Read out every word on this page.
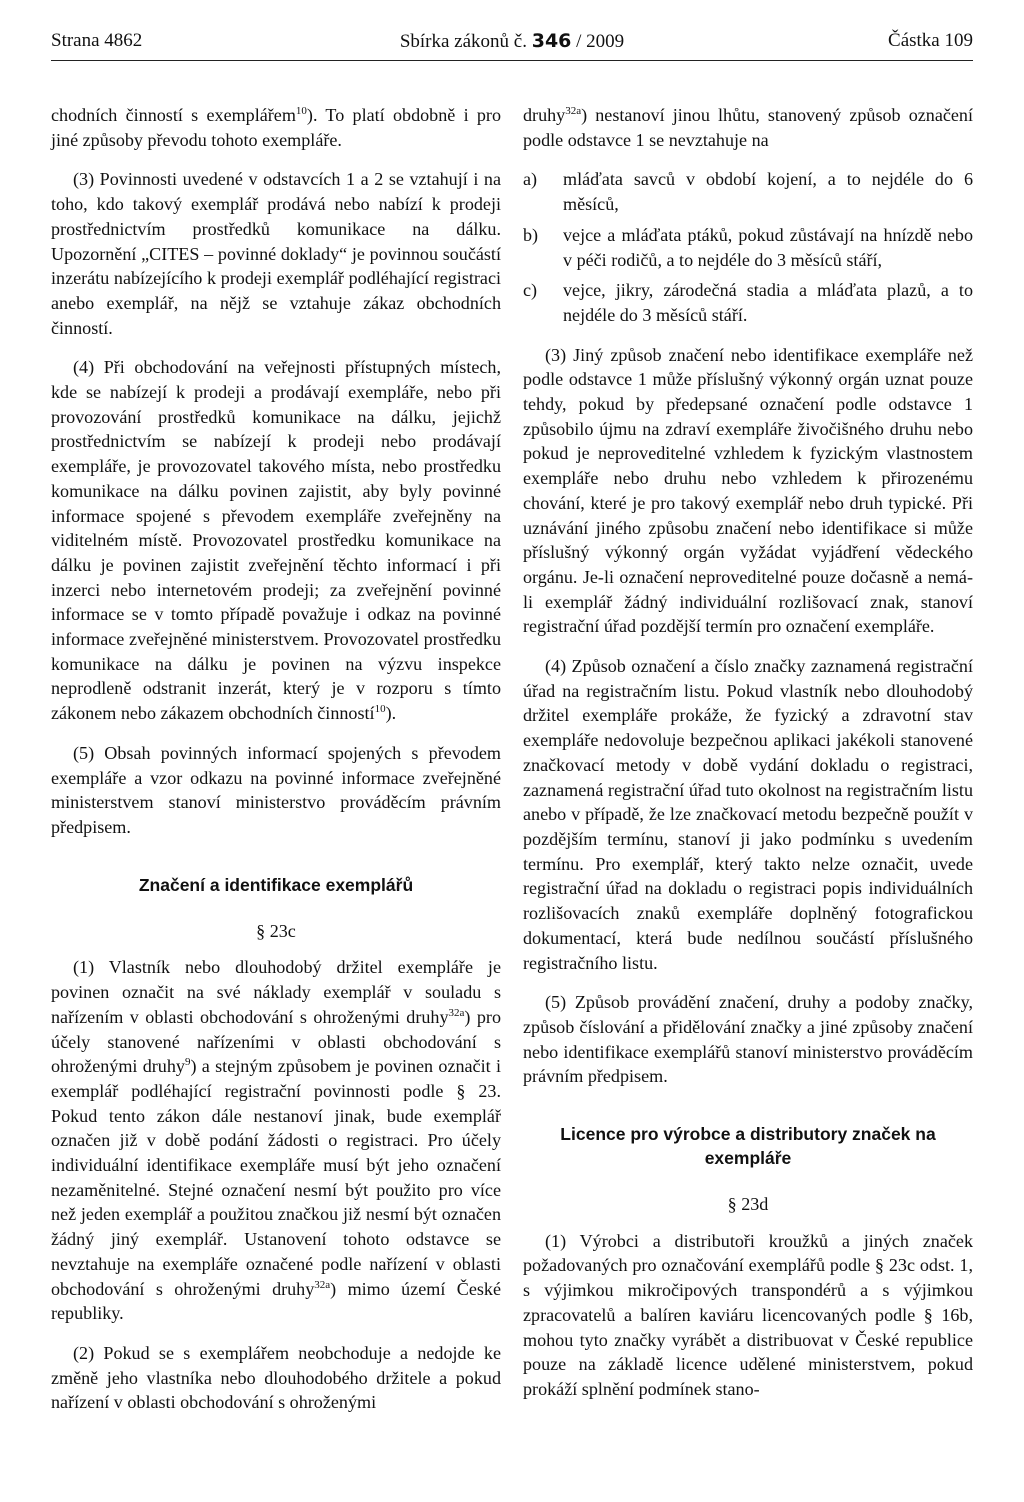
Strana 4862	Sbírka zákonů č. 346 / 2009	Částka 109

chodních činností s exemplářem$^{10}$). To platí obdobně i pro jiné způsoby převodu tohoto exempláře.

(3) Povinnosti uvedené v odstavcích 1 a 2 se vztahují i na toho, kdo takový exemplář prodává nebo nabízí k prodeji prostřednictvím prostředků komunikace na dálku. Upozornění „CITES – povinné doklady“ je povinnou součástí inzerátu nabízejícího k prodeji exemplář podléhající registraci anebo exemplář, na nějž se vztahuje zákaz obchodních činností.

(4) Při obchodování na veřejnosti přístupných místech, kde se nabízejí k prodeji a prodávají exempláře, nebo při provozování prostředků komunikace na dálku, jejichž prostřednictvím se nabízejí k prodeji nebo prodávají exempláře, je provozovatel takového místa, nebo prostředku komunikace na dálku povinen zajistit, aby byly povinné informace spojené s převodem exempláře zveřejněny na viditelném místě. Provozovatel prostředku komunikace na dálku je povinen zajistit zveřejnění těchto informací i při inzerci nebo internetovém prodeji; za zveřejnění povinné informace se v tomto případě považuje i odkaz na povinné informace zveřejněné ministerstvem. Provozovatel prostředku komunikace na dálku je povinen na výzvu inspekce neprodleně odstranit inzerát, který je v rozporu s tímto zákonem nebo zákazem obchodních činností$^{10}$).

(5) Obsah povinných informací spojených s převodem exempláře a vzor odkazu na povinné informace zveřejněné ministerstvem stanoví ministerstvo prováděcím právním předpisem.

Značení a identifikace exemplářů
§ 23c

(1) Vlastník nebo dlouhodobý držitel exempláře je povinen označit na své náklady exemplář v souladu s nařízením v oblasti obchodování s ohroženými druhy$^{32a}$) pro účely stanovené nařízeními v oblasti obchodování s ohroženými druhy$^9$) a stejným způsobem je povinen označit i exemplář podléhající registrační povinnosti podle § 23. Pokud tento zákon dále nestanoví jinak, bude exemplář označen již v době podání žádosti o registraci. Pro účely individuální identifikace exempláře musí být jeho označení nezaměnitelné. Stejné označení nesmí být použito pro více než jeden exemplář a použitou značkou již nesmí být označen žádný jiný exemplář. Ustanovení tohoto odstavce se nevztahuje na exempláře označené podle nařízení v oblasti obchodování s ohroženými druhy$^{32a}$) mimo území České republiky.

(2) Pokud se s exemplářem neobchoduje a nedojde ke změně jeho vlastníka nebo dlouhodobého držitele a pokud nařízení v oblasti obchodování s ohroženými

druhy$^{32a}$) nestanoví jinou lhůtu, stanovený způsob označení podle odstavce 1 se nevztahuje na

a)	mláďata savců v období kojení, a to nejdéle do 6 měsíců,
b)	vejce a mláďata ptáků, pokud zůstávají na hnízdě nebo v péči rodičů, a to nejdéle do 3 měsíců stáří,
c)	vejce, jikry, zárodečná stadia a mláďata plazů, a to nejdéle do 3 měsíců stáří.

(3) Jiný způsob značení nebo identifikace exempláře než podle odstavce 1 může příslušný výkonný orgán uznat pouze tehdy, pokud by předepsané označení podle odstavce 1 způsobilo újmu na zdraví exempláře živočišného druhu nebo pokud je neproveditelné vzhledem k fyzickým vlastnostem exempláře nebo druhu nebo vzhledem k přirozenému chování, které je pro takový exemplář nebo druh typické. Při uznávání jiného způsobu značení nebo identifikace si může příslušný výkonný orgán vyžádat vyjádření vědeckého orgánu. Je-li označení neproveditelné pouze dočasně a nemá-li exemplář žádný individuální rozlišovací znak, stanoví registrační úřad pozdější termín pro označení exempláře.

(4) Způsob označení a číslo značky zaznamená registrační úřad na registračním listu. Pokud vlastník nebo dlouhodobý držitel exempláře prokáže, že fyzický a zdravotní stav exempláře nedovoluje bezpečnou aplikaci jakékoli stanovené značkovací metody v době vydání dokladu o registraci, zaznamená registrační úřad tuto okolnost na registračním listu anebo v případě, že lze značkovací metodu bezpečně použít v pozdějším termínu, stanoví ji jako podmínku s uvedením termínu. Pro exemplář, který takto nelze označit, uvede registrační úřad na dokladu o registraci popis individuálních rozlišovacích znaků exempláře doplněný fotografickou dokumentací, která bude nedílnou součástí příslušného registračního listu.

(5) Způsob provádění značení, druhy a podoby značky, způsob číslování a přidělování značky a jiné způsoby značení nebo identifikace exemplářů stanoví ministerstvo prováděcím právním předpisem.

Licence pro výrobce a distributory značek na exempláře
§ 23d

(1) Výrobci a distributoři kroužků a jiných značek požadovaných pro označování exemplářů podle § 23c odst. 1, s výjimkou mikročipových transpondérů a s výjimkou zpracovatelů a balíren kaviáru licencovaných podle § 16b, mohou tyto značky vyrábět a distribuovat v České republice pouze na základě licence udělené ministerstvem, pokud prokáží splnění podmínek stano-
